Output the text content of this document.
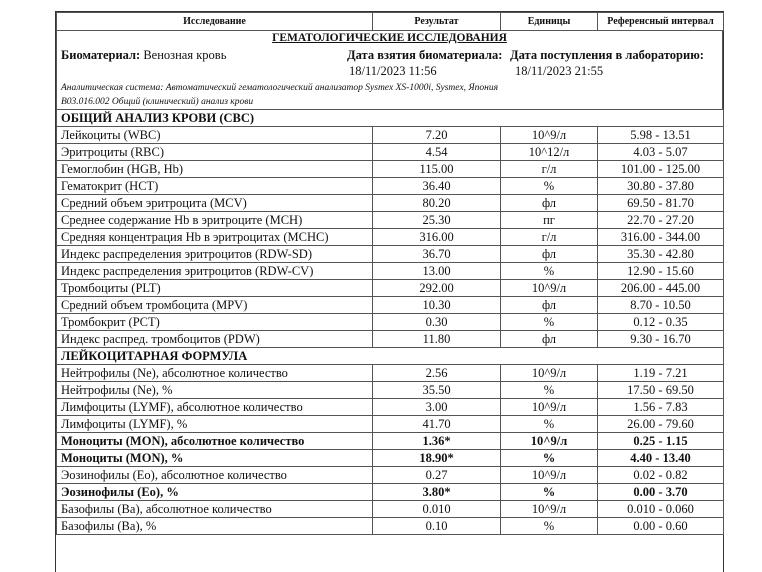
Исследование	Результат	Единицы	Референсный интервал
ГЕМАТОЛОГИЧЕСКИЕ ИССЛЕДОВАНИЯ
Биоматериал: Венозная кровь	Дата взятия биоматериала:
18/11/2023 11:56
Дата поступления в лабораторию:
18/11/2023 21:55
Аналитическая система: Автоматический гематологический анализатор Sysmex XS-1000i, Sysmex, Япония
В03.016.002 Общий (клинический) анализ крови
ОБЩИЙ АНАЛИЗ КРОВИ (CBC)			
Лейкоциты (WBC)	7.20	10^9/л	5.98 - 13.51
Эритроциты (RBC)	4.54	10^12/л	4.03 - 5.07
Гемоглобин (HGB, Hb)	115.00	г/л	101.00 - 125.00
Гематокрит (HCT)	36.40	%	30.80 - 37.80
Средний объем эритроцита (MCV)	80.20	фл	69.50 - 81.70
Среднее содержание Hb в эритроците (MCH)	25.30	пг	22.70 - 27.20
Средняя концентрация Hb в эритроцитах (MCHC)	316.00	г/л	316.00 - 344.00
Индекс распределения эритроцитов (RDW-SD)	36.70	фл	35.30 - 42.80
Индекс распределения эритроцитов (RDW-CV)	13.00	%	12.90 - 15.60
Тромбоциты (PLT)	292.00	10^9/л	206.00 - 445.00
Средний объем тромбоцита (MPV)	10.30	фл	8.70 - 10.50
Тромбокрит (PCT)	0.30	%	0.12 - 0.35
Индекс распред. тромбоцитов (PDW)	11.80	фл	9.30 - 16.70
ЛЕЙКОЦИТАРНАЯ ФОРМУЛА			
Нейтрофилы (Ne), абсолютное количество	2.56	10^9/л	1.19 - 7.21
Нейтрофилы (Ne), %	35.50	%	17.50 - 69.50
Лимфоциты (LYMF), абсолютное количество	3.00	10^9/л	1.56 - 7.83
Лимфоциты (LYMF), %	41.70	%	26.00 - 79.60
Моноциты (MON), абсолютное количество	1.36*	10^9/л	0.25 - 1.15
Моноциты (MON), %	18.90*	%	4.40 - 13.40
Эозинофилы (Eo), абсолютное количество	0.27	10^9/л	0.02 - 0.82
Эозинофилы (Eo), %	3.80*	%	0.00 - 3.70
Базофилы (Ba), абсолютное количество	0.010	10^9/л	0.010 - 0.060
Базофилы (Ba), %	0.10	%	0.00 - 0.60
